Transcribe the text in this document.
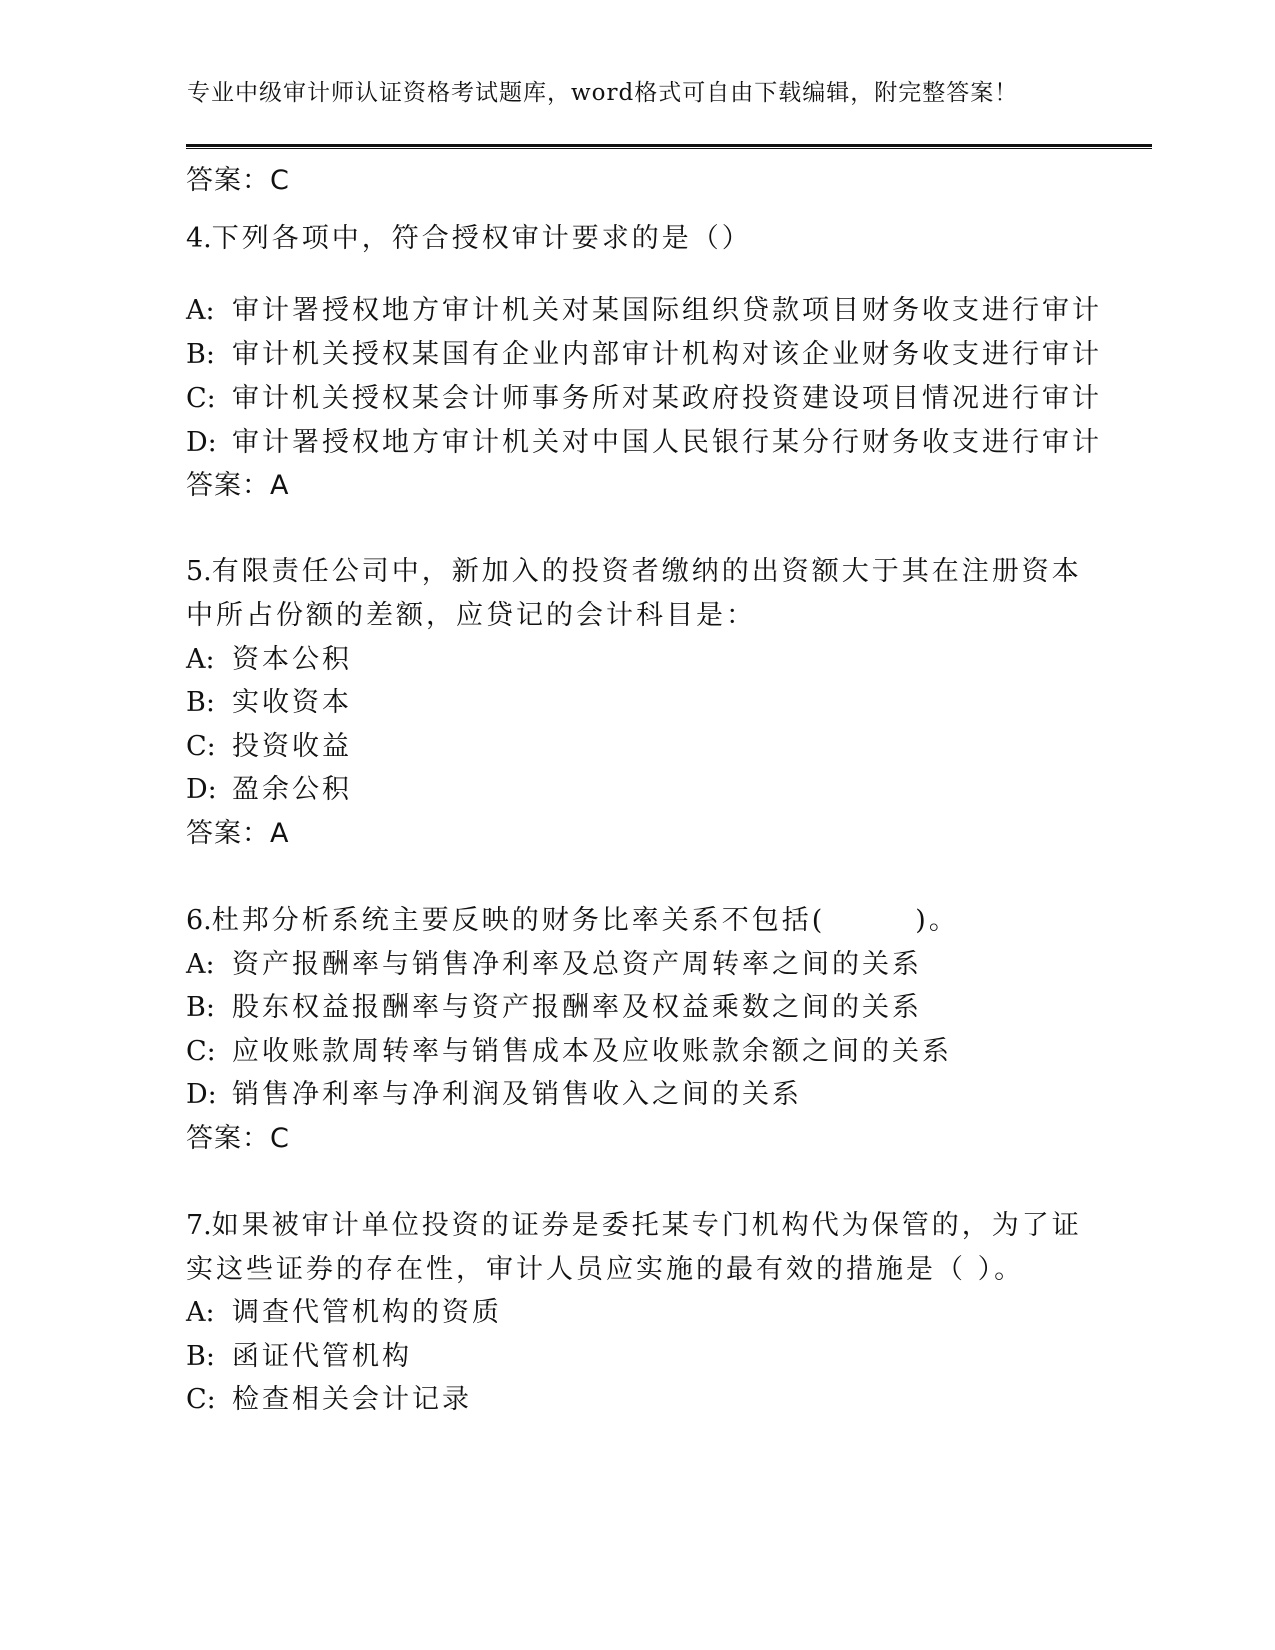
专业中级审计师认证资格考试题库，word格式可自由下载编辑，附完整答案！
答案：C
4.下列各项中，符合授权审计要求的是（）
A: 审计署授权地方审计机关对某国际组织贷款项目财务收支进行审计
B: 审计机关授权某国有企业内部审计机构对该企业财务收支进行审计
C: 审计机关授权某会计师事务所对某政府投资建设项目情况进行审计
D: 审计署授权地方审计机关对中国人民银行某分行财务收支进行审计
答案：A
5.有限责任公司中，新加入的投资者缴纳的出资额大于其在注册资本
中所占份额的差额，应贷记的会计科目是：
A: 资本公积
B: 实收资本
C: 投资收益
D: 盈余公积
答案：A
6.杜邦分析系统主要反映的财务比率关系不包括(　　　)。
A: 资产报酬率与销售净利率及总资产周转率之间的关系
B: 股东权益报酬率与资产报酬率及权益乘数之间的关系
C: 应收账款周转率与销售成本及应收账款余额之间的关系
D: 销售净利率与净利润及销售收入之间的关系
答案：C
7.如果被审计单位投资的证券是委托某专门机构代为保管的，为了证
实这些证券的存在性，审计人员应实施的最有效的措施是（ ）。
A: 调查代管机构的资质
B: 函证代管机构
C: 检查相关会计记录
